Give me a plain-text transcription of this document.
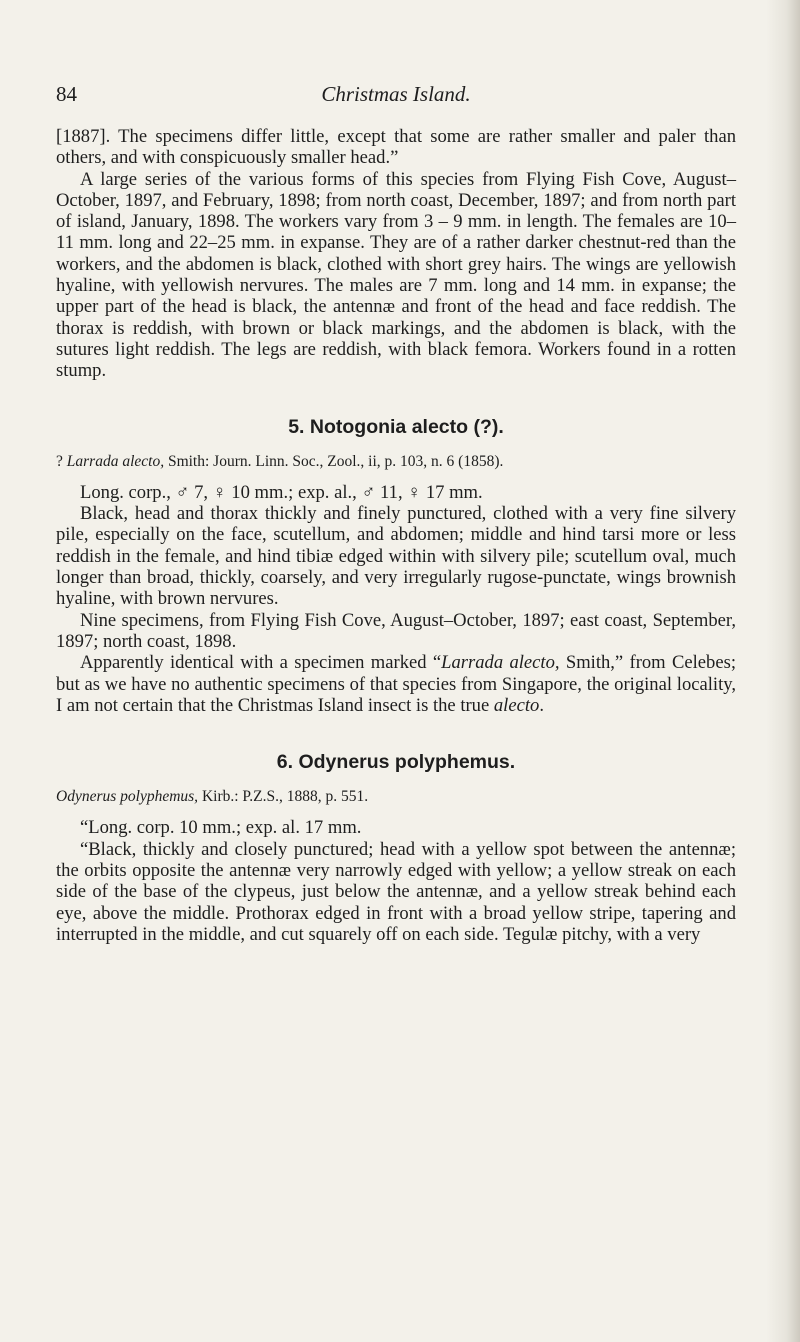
84	Christmas Island.

[1887]. The specimens differ little, except that some are rather smaller and paler than others, and with conspicuously smaller head.”

A large series of the various forms of this species from Flying Fish Cove, August–October, 1897, and February, 1898; from north coast, December, 1897; and from north part of island, January, 1898. The workers vary from 3 – 9 mm. in length. The females are 10–11 mm. long and 22–25 mm. in expanse. They are of a rather darker chestnut-red than the workers, and the abdomen is black, clothed with short grey hairs. The wings are yellowish hyaline, with yellowish nervures. The males are 7 mm. long and 14 mm. in expanse; the upper part of the head is black, the antennæ and front of the head and face reddish. The thorax is reddish, with brown or black markings, and the abdomen is black, with the sutures light reddish. The legs are reddish, with black femora. Workers found in a rotten stump.

5. Notogonia alecto (?).

? Larrada alecto, Smith: Journ. Linn. Soc., Zool., ii, p. 103, n. 6 (1858).

Long. corp., ♂ 7, ♀ 10 mm.; exp. al., ♂ 11, ♀ 17 mm.

Black, head and thorax thickly and finely punctured, clothed with a very fine silvery pile, especially on the face, scutellum, and abdomen; middle and hind tarsi more or less reddish in the female, and hind tibiæ edged within with silvery pile; scutellum oval, much longer than broad, thickly, coarsely, and very irregularly rugose-punctate, wings brownish hyaline, with brown nervures.

Nine specimens, from Flying Fish Cove, August–October, 1897; east coast, September, 1897; north coast, 1898.

Apparently identical with a specimen marked “Larrada alecto, Smith,” from Celebes; but as we have no authentic specimens of that species from Singapore, the original locality, I am not certain that the Christmas Island insect is the true alecto.

6. Odynerus polyphemus.

Odynerus polyphemus, Kirb.: P.Z.S., 1888, p. 551.

“Long. corp. 10 mm.; exp. al. 17 mm.

“Black, thickly and closely punctured; head with a yellow spot between the antennæ; the orbits opposite the antennæ very narrowly edged with yellow; a yellow streak on each side of the base of the clypeus, just below the antennæ, and a yellow streak behind each eye, above the middle. Prothorax edged in front with a broad yellow stripe, tapering and interrupted in the middle, and cut squarely off on each side. Tegulæ pitchy, with a very
